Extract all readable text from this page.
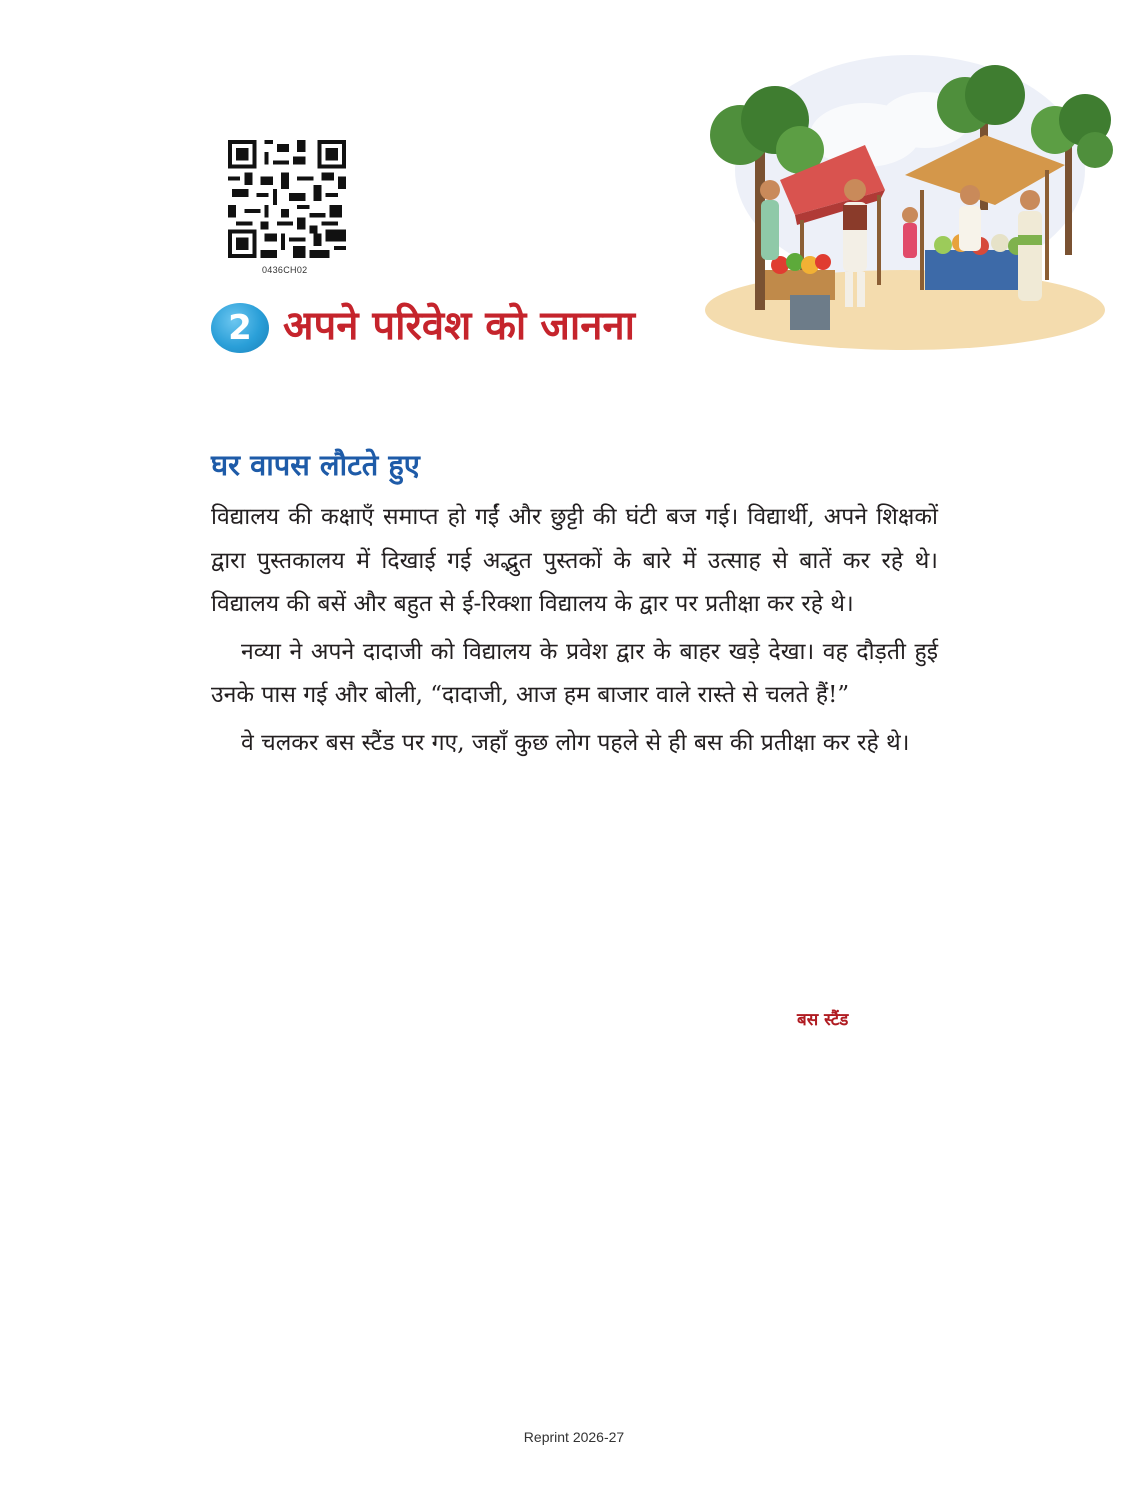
0436CH02
2 अपने परिवेश को जानना
घर वापस लौटते हुए

विद्यालय की कक्षाएँ समाप्त हो गईं और छुट्टी की घंटी बज गई। विद्यार्थी, अपने शिक्षकों द्वारा पुस्तकालय में दिखाई गई अद्भुत पुस्तकों के बारे में उत्साह से बातें कर रहे थे। विद्यालय की बसें और बहुत से ई-रिक्शा विद्यालय के द्वार पर प्रतीक्षा कर रहे थे।

नव्या ने अपने दादाजी को विद्यालय के प्रवेश द्वार के बाहर खड़े देखा। वह दौड़ती हुई उनके पास गई और बोली, “दादाजी, आज हम बाजार वाले रास्ते से चलते हैं!”

वे चलकर बस स्टैंड पर गए, जहाँ कुछ लोग पहले से ही बस की प्रतीक्षा कर रहे थे।

बस स्टैंड
Reprint 2026-27
